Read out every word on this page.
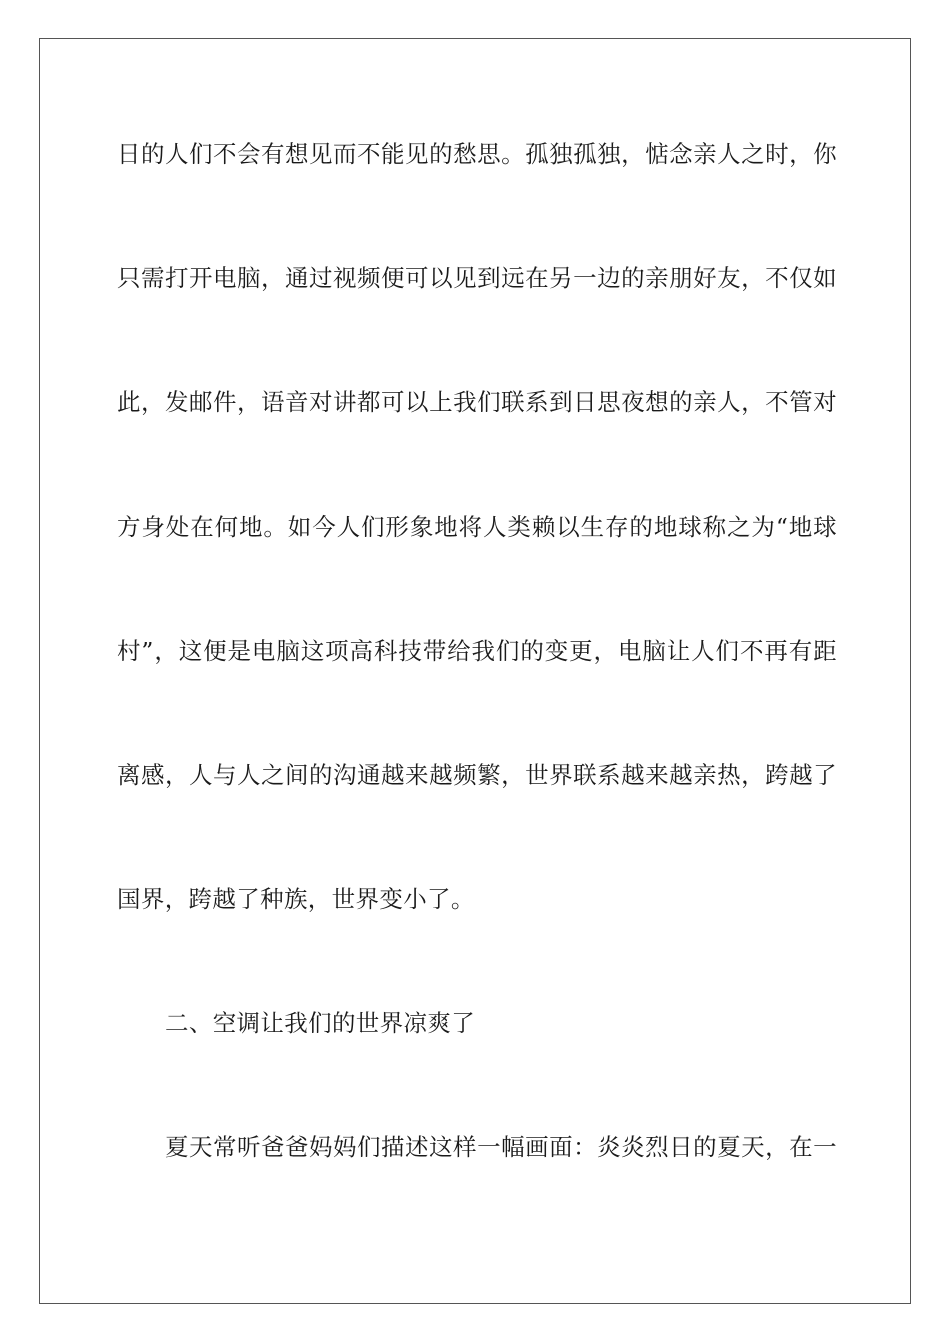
日的人们不会有想见而不能见的愁思。孤独孤独，惦念亲人之时，你
只需打开电脑，通过视频便可以见到远在另一边的亲朋好友，不仅如
此，发邮件，语音对讲都可以上我们联系到日思夜想的亲人，不管对
方身处在何地。如今人们形象地将人类赖以生存的地球称之为“地球
村”，这便是电脑这项高科技带给我们的变更，电脑让人们不再有距
离感，人与人之间的沟通越来越频繁，世界联系越来越亲热，跨越了
国界，跨越了种族，世界变小了。
二、空调让我们的世界凉爽了
夏天常听爸爸妈妈们描述这样一幅画面：炎炎烈日的夏天，在一
